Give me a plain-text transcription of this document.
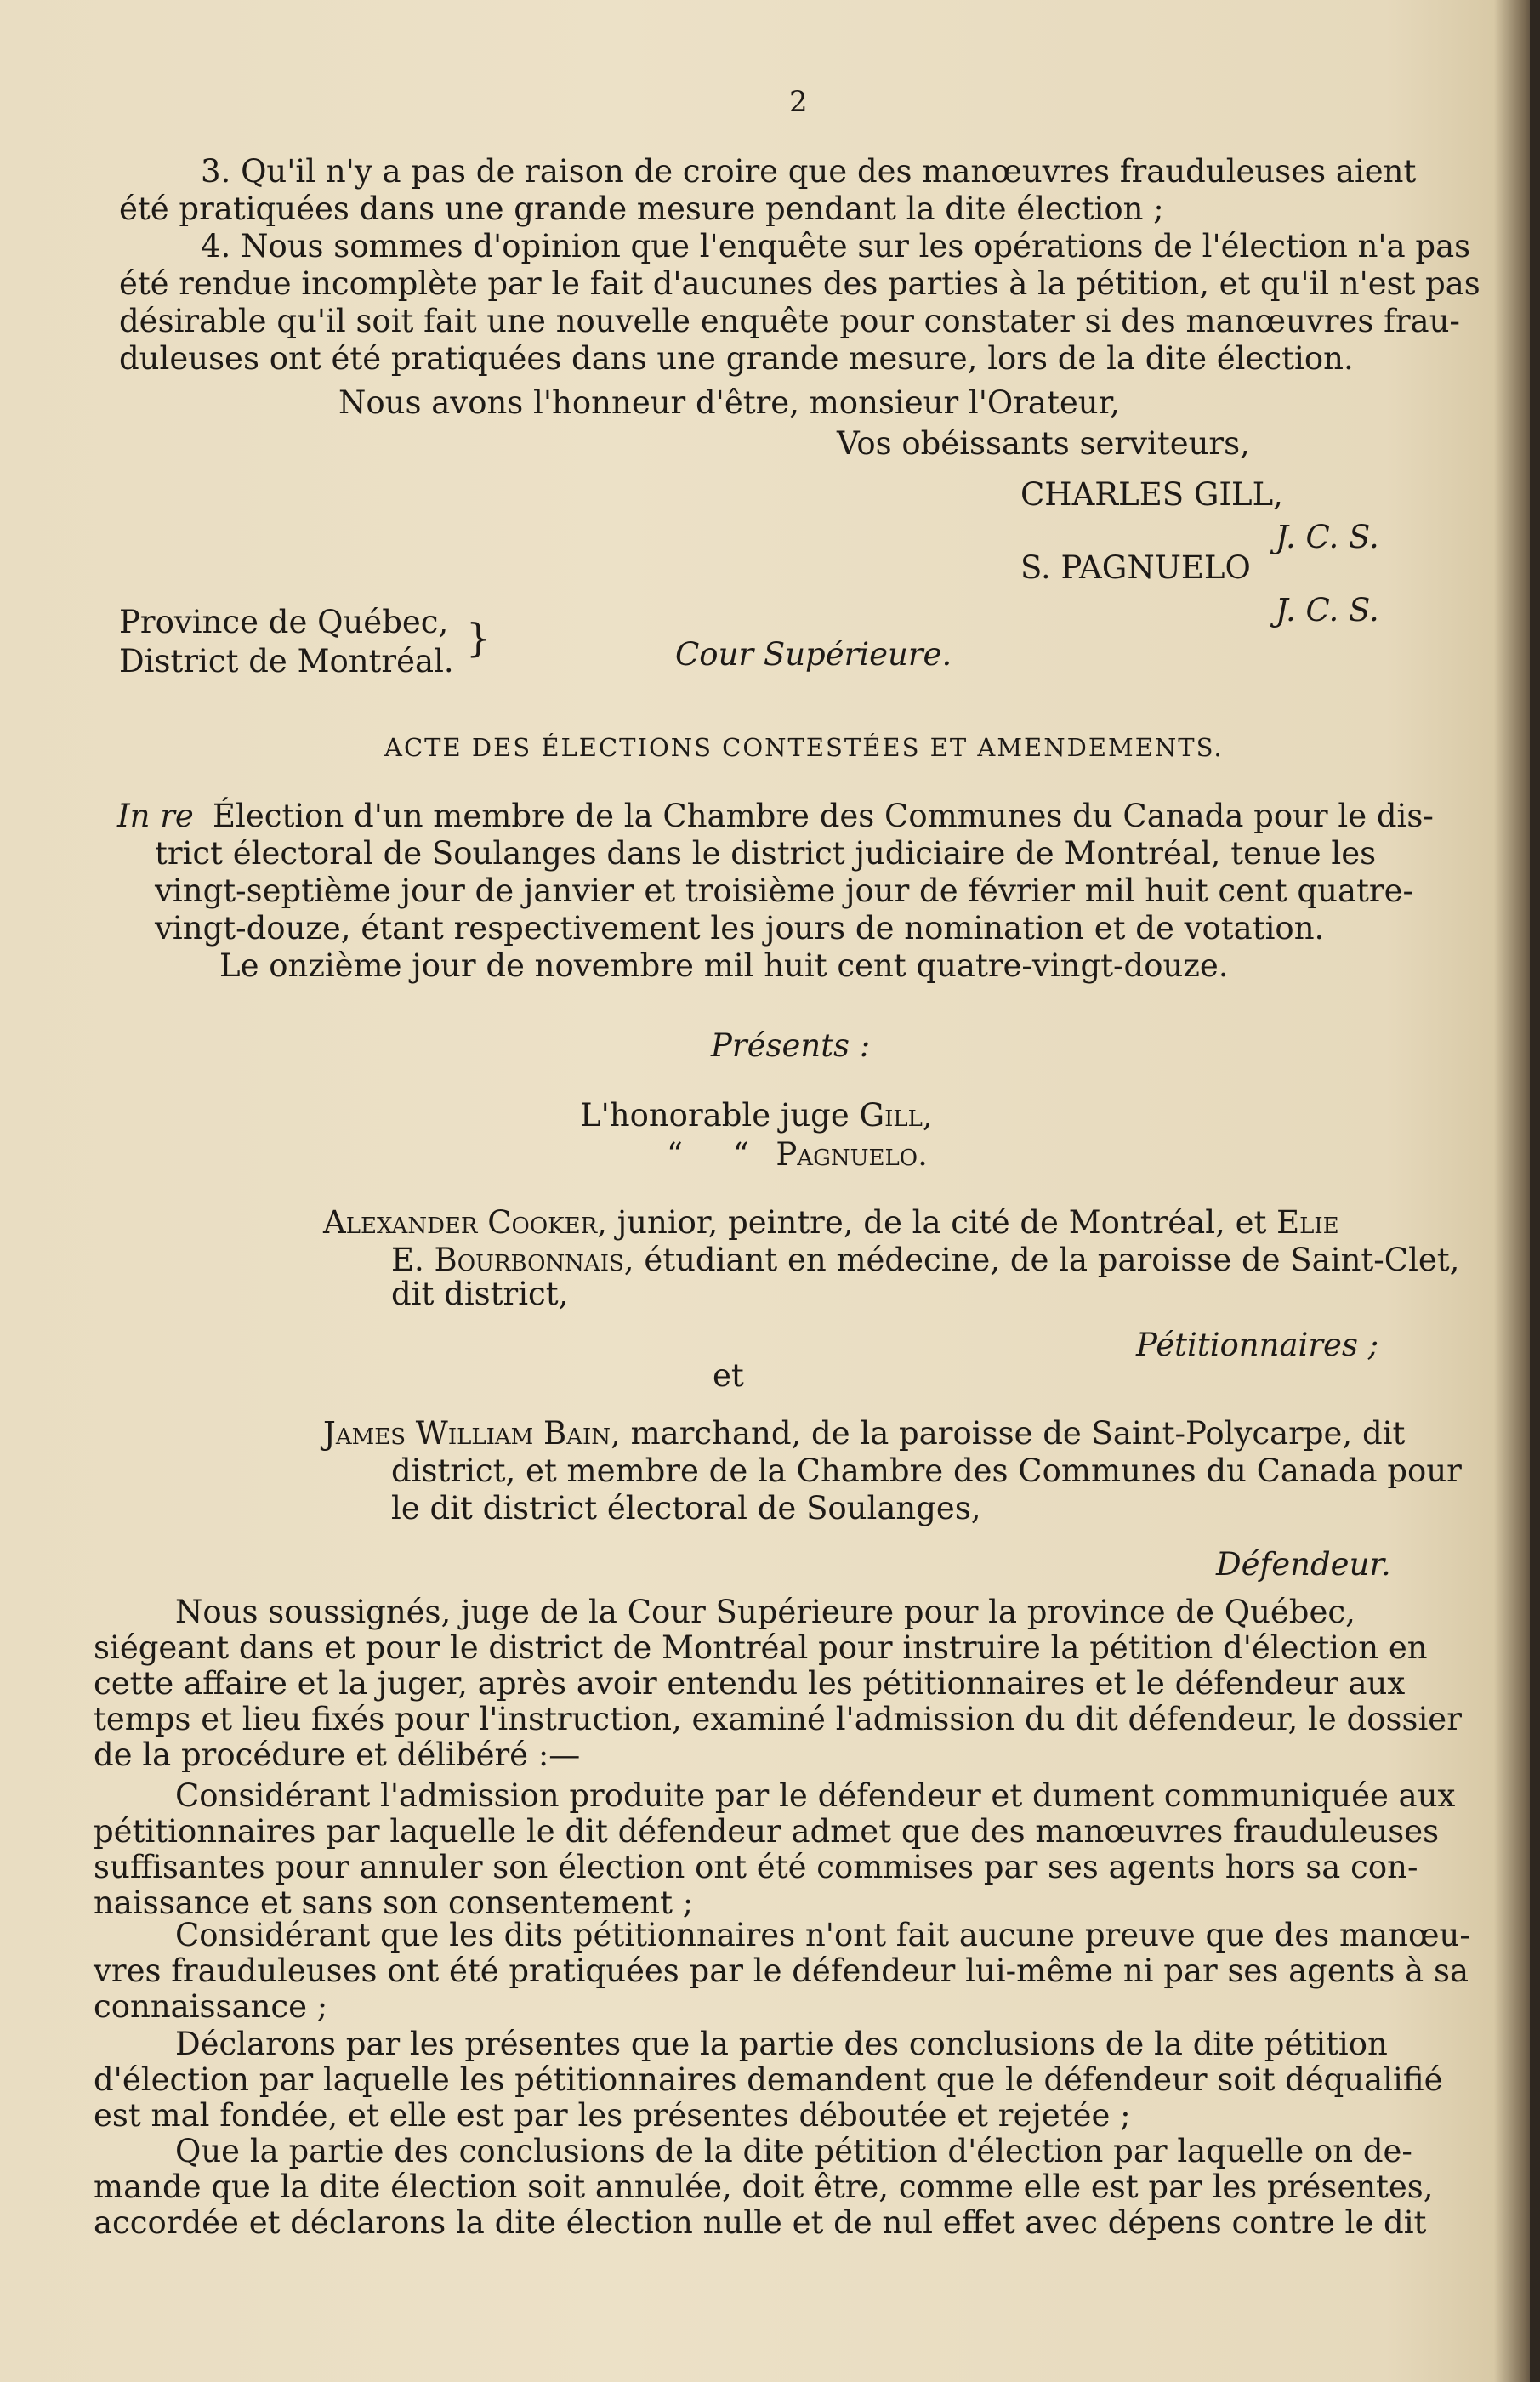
2
3. Qu'il n'y a pas de raison de croire que des manœuvres frauduleuses aient
été pratiquées dans une grande mesure pendant la dite élection ;
4. Nous sommes d'opinion que l'enquête sur les opérations de l'élection n'a pas
été rendue incomplète par le fait d'aucunes des parties à la pétition, et qu'il n'est pas
désirable qu'il soit fait une nouvelle enquête pour constater si des manœuvres frau-
duleuses ont été pratiquées dans une grande mesure, lors de la dite élection.
Nous avons l'honneur d'être, monsieur l'Orateur,
Vos obéissants serviteurs,
CHARLES GILL,
J. C. S.
S. PAGNUELO
J. C. S.
Province de Québec,
District de Montréal.
}	Cour Supérieure.
ACTE DES ÉLECTIONS CONTESTÉES ET AMENDEMENTS.
In re Élection d'un membre de la Chambre des Communes du Canada pour le dis-
trict électoral de Soulanges dans le district judiciaire de Montréal, tenue les
vingt-septième jour de janvier et troisième jour de février mil huit cent quatre-
vingt-douze, étant respectivement les jours de nomination et de votation.
Le onzième jour de novembre mil huit cent quatre-vingt-douze.
Présents :
L'honorable juge Gill,
“     “ Pagnuelo.
Alexander Cooker, junior, peintre, de la cité de Montréal, et Elie
E. Bourbonnais, étudiant en médecine, de la paroisse de Saint-Clet,
dit district,
Pétitionnaires ;
et
James William Bain, marchand, de la paroisse de Saint-Polycarpe, dit
district, et membre de la Chambre des Communes du Canada pour
le dit district électoral de Soulanges,
Défendeur.
Nous soussignés, juge de la Cour Supérieure pour la province de Québec,
siégeant dans et pour le district de Montréal pour instruire la pétition d'élection en
cette affaire et la juger, après avoir entendu les pétitionnaires et le défendeur aux
temps et lieu fixés pour l'instruction, examiné l'admission du dit défendeur, le dossier
de la procédure et délibéré :—
Considérant l'admission produite par le défendeur et dument communiquée aux
pétitionnaires par laquelle le dit défendeur admet que des manœuvres frauduleuses
suffisantes pour annuler son élection ont été commises par ses agents hors sa con-
naissance et sans son consentement ;
Considérant que les dits pétitionnaires n'ont fait aucune preuve que des manœu-
vres frauduleuses ont été pratiquées par le défendeur lui-même ni par ses agents à sa
connaissance ;
Déclarons par les présentes que la partie des conclusions de la dite pétition
d'élection par laquelle les pétitionnaires demandent que le défendeur soit déqualifié
est mal fondée, et elle est par les présentes déboutée et rejetée ;
Que la partie des conclusions de la dite pétition d'élection par laquelle on de-
mande que la dite élection soit annulée, doit être, comme elle est par les présentes,
accordée et déclarons la dite élection nulle et de nul effet avec dépens contre le dit
